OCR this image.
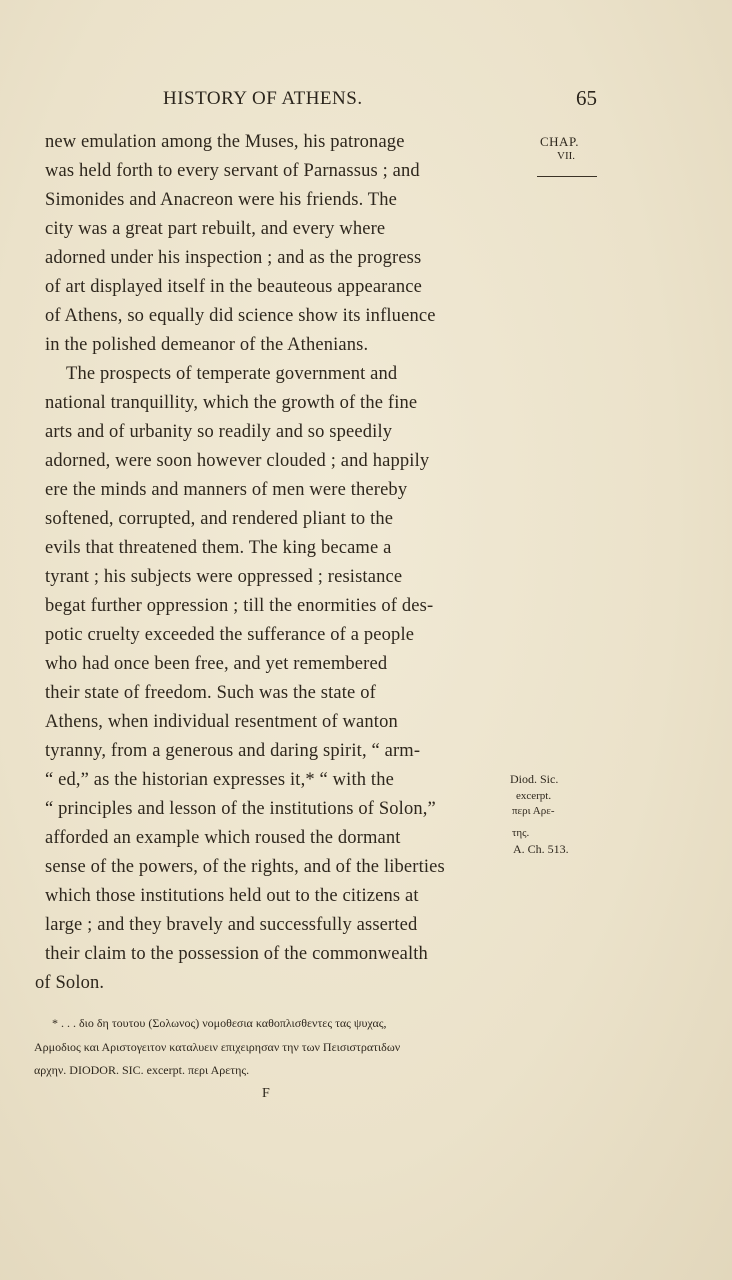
HISTORY OF ATHENS.	65
CHAP.
VII.
Diod. Sic.
excerpt.
περι Αρε-
της.
A. Ch. 513.
new emulation among the Muses, his patronage
was held forth to every servant of Parnassus ; and
Simonides and Anacreon were his friends. The
city was a great part rebuilt, and every where
adorned under his inspection ; and as the progress
of art displayed itself in the beauteous appearance
of Athens, so equally did science show its influence
in the polished demeanor of the Athenians.
The prospects of temperate government and
national tranquillity, which the growth of the fine
arts and of urbanity so readily and so speedily
adorned, were soon however clouded ; and happily
ere the minds and manners of men were thereby
softened, corrupted, and rendered pliant to the
evils that threatened them. The king became a
tyrant ; his subjects were oppressed ; resistance
begat further oppression ; till the enormities of des-
potic cruelty exceeded the sufferance of a people
who had once been free, and yet remembered
their state of freedom. Such was the state of
Athens, when individual resentment of wanton
tyranny, from a generous and daring spirit, “ arm-
“ ed,” as the historian expresses it,* “ with the
“ principles and lesson of the institutions of Solon,”
afforded an example which roused the dormant
sense of the powers, of the rights, and of the liberties
which those institutions held out to the citizens at
large ; and they bravely and successfully asserted
their claim to the possession of the commonwealth
of Solon.
* . . . διο δη τουτου (Σολωνος) νομοθεσια καθοπλισθεντες τας ψυχας,
Αρμοδιος και Αριστογειτον καταλυειν επιχειρησαν την των Πεισιστρατιδων
αρχην. DIODOR. SIC. excerpt. περι Αρετης.
F
